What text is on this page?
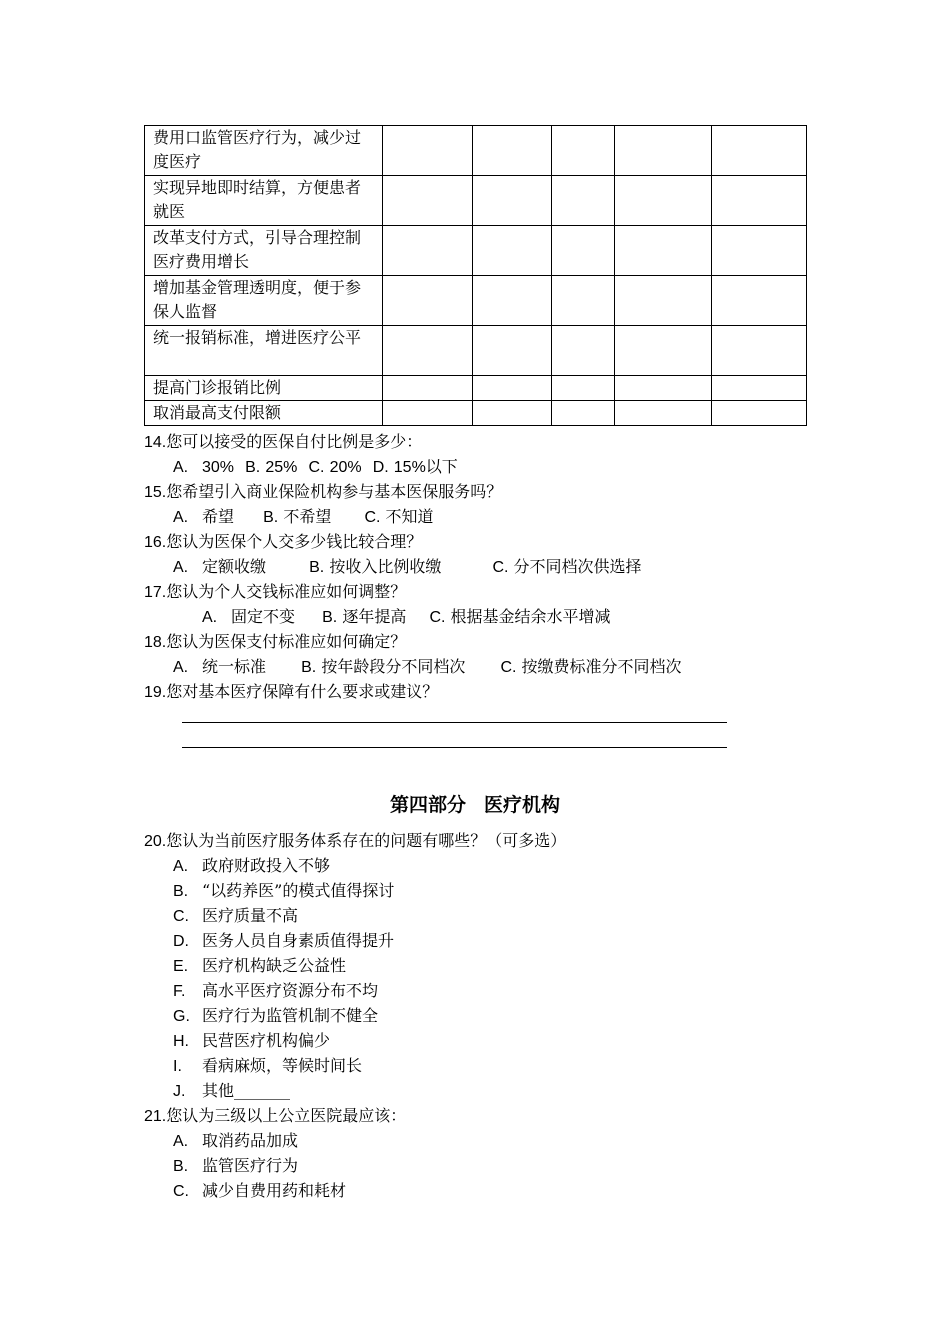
费用口监管医疗行为，减少过度医疗					
实现异地即时结算，方便患者就医					
改革支付方式，引导合理控制医疗费用增长					
增加基金管理透明度，便于参保人监督					
统一报销标准，增进医疗公平					
提高门诊报销比例					
取消最高支付限额					
14.您可以接受的医保自付比例是多少：
A. 30% B. 25% C. 20% D. 15%以下
15.您希望引入商业保险机构参与基本医保服务吗？
A. 希望 B. 不希望 C. 不知道
16.您认为医保个人交多少钱比较合理？
A. 定额收缴	B. 按收入比例收缴	C. 分不同档次供选择
17.您认为个人交钱标准应如何调整？
A. 固定不变 B. 逐年提高 C. 根据基金结余水平增减
18.您认为医保支付标准应如何确定？
A. 统一标准 B. 按年龄段分不同档次 C. 按缴费标准分不同档次
19.您对基本医疗保障有什么要求或建议？
第四部分 医疗机构
20.您认为当前医疗服务体系存在的问题有哪些？（可多选）
A. 政府财政投入不够
B. “以药养医”的模式值得探讨
C. 医疗质量不高
D. 医务人员自身素质值得提升
E. 医疗机构缺乏公益性
F. 高水平医疗资源分布不均
G. 医疗行为监管机制不健全
H. 民营医疗机构偏少
I. 看病麻烦，等候时间长
J. 其他_______
21.您认为三级以上公立医院最应该：
A. 取消药品加成
B. 监管医疗行为
C. 减少自费用药和耗材
